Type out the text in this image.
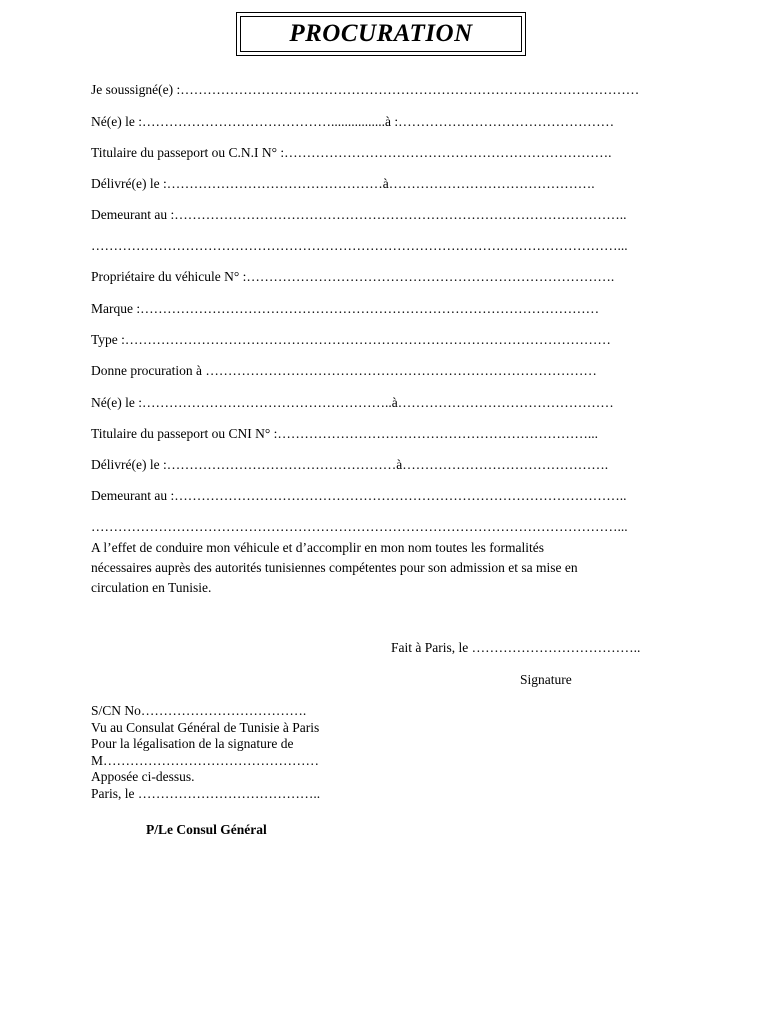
PROCURATION
Je soussigné(e) :…………………………………………………………………………………………
Né(e) le :……………………………………................à :…………………………………………
Titulaire du passeport ou C.N.I N° :……………………………………………………………….
Délivré(e) le :…………………………………………à……………………………………….
Demeurant au :………………………………………………………………………………………..
………………………………………………………………………………………………………...
Propriétaire du véhicule N° :……………………………………………………………………….
Marque :…………………………………………………………………………………………
Type :………………………………………………………………………………………………
Donne procuration à ……………………………………………………………………………
Né(e) le :………………………………………………..à…………………………………………
Titulaire du passeport ou CNI N° :……………………………………………………………...
Délivré(e) le :……………………………………………à……………………………………….
Demeurant au :………………………………………………………………………………………..
………………………………………………………………………………………………………...
A l’effet de conduire mon véhicule et d’accomplir en mon nom toutes les formalités
nécessaires auprès des autorités tunisiennes compétentes pour son admission et sa mise en
circulation en Tunisie.
Fait à Paris, le ………………………………..
Signature
S/CN No……………………………….
Vu au Consulat Général de Tunisie à Paris
Pour la légalisation de la signature de
M…………………………………………
Apposée ci-dessus.
Paris, le …………………………………..
P/Le Consul Général
